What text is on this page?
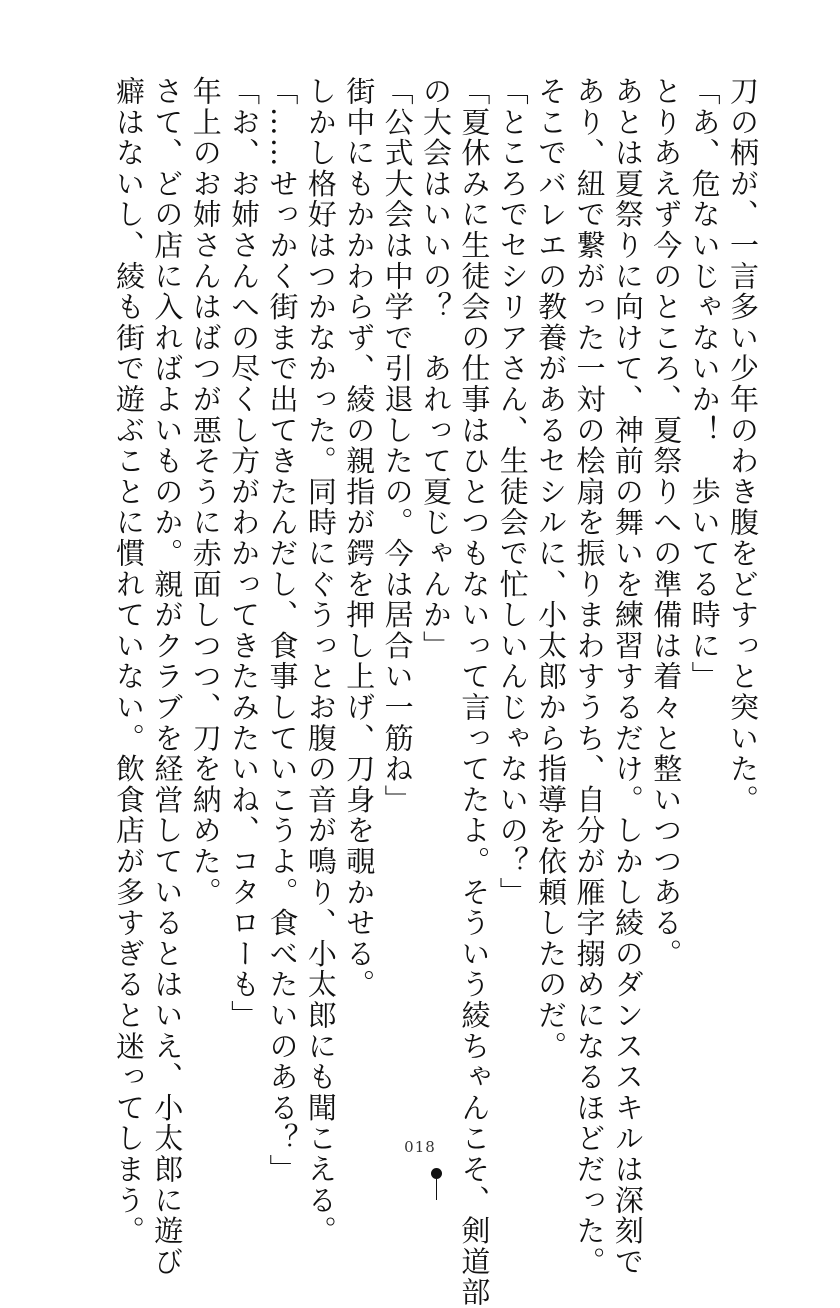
刀の柄が、一言多い少年のわき腹をどすっと突いた。
「あ、危ないじゃないか！　歩いてる時に」
とりあえず今のところ、夏祭りへの準備は着々と整いつつある。
あとは夏祭りに向けて、神前の舞いを練習するだけ。しかし綾のダンススキルは深刻で
あり、紐で繋がった一対の桧扇を振りまわすうち、自分が雁字搦めになるほどだった。
そこでバレエの教養があるセシルに、小太郎から指導を依頼したのだ。
「ところでセシリアさん、生徒会で忙しいんじゃないの？」
「夏休みに生徒会の仕事はひとつもないって言ってたよ。そういう綾ちゃんこそ、剣道部
の大会はいいの？　あれって夏じゃんか」
「公式大会は中学で引退したの。今は居合い一筋ね」
街中にもかかわらず、綾の親指が鍔を押し上げ、刀身を覗かせる。
しかし格好はつかなかった。同時にぐうっとお腹の音が鳴り、小太郎にも聞こえる。
「……せっかく街まで出てきたんだし、食事していこうよ。食べたいのある？」
「お、お姉さんへの尽くし方がわかってきたみたいね、コタローも」
年上のお姉さんはばつが悪そうに赤面しつつ、刀を納めた。
さて、どの店に入ればよいものか。親がクラブを経営しているとはいえ、小太郎に遊び
癖はないし、綾も街で遊ぶことに慣れていない。飲食店が多すぎると迷ってしまう。	018
